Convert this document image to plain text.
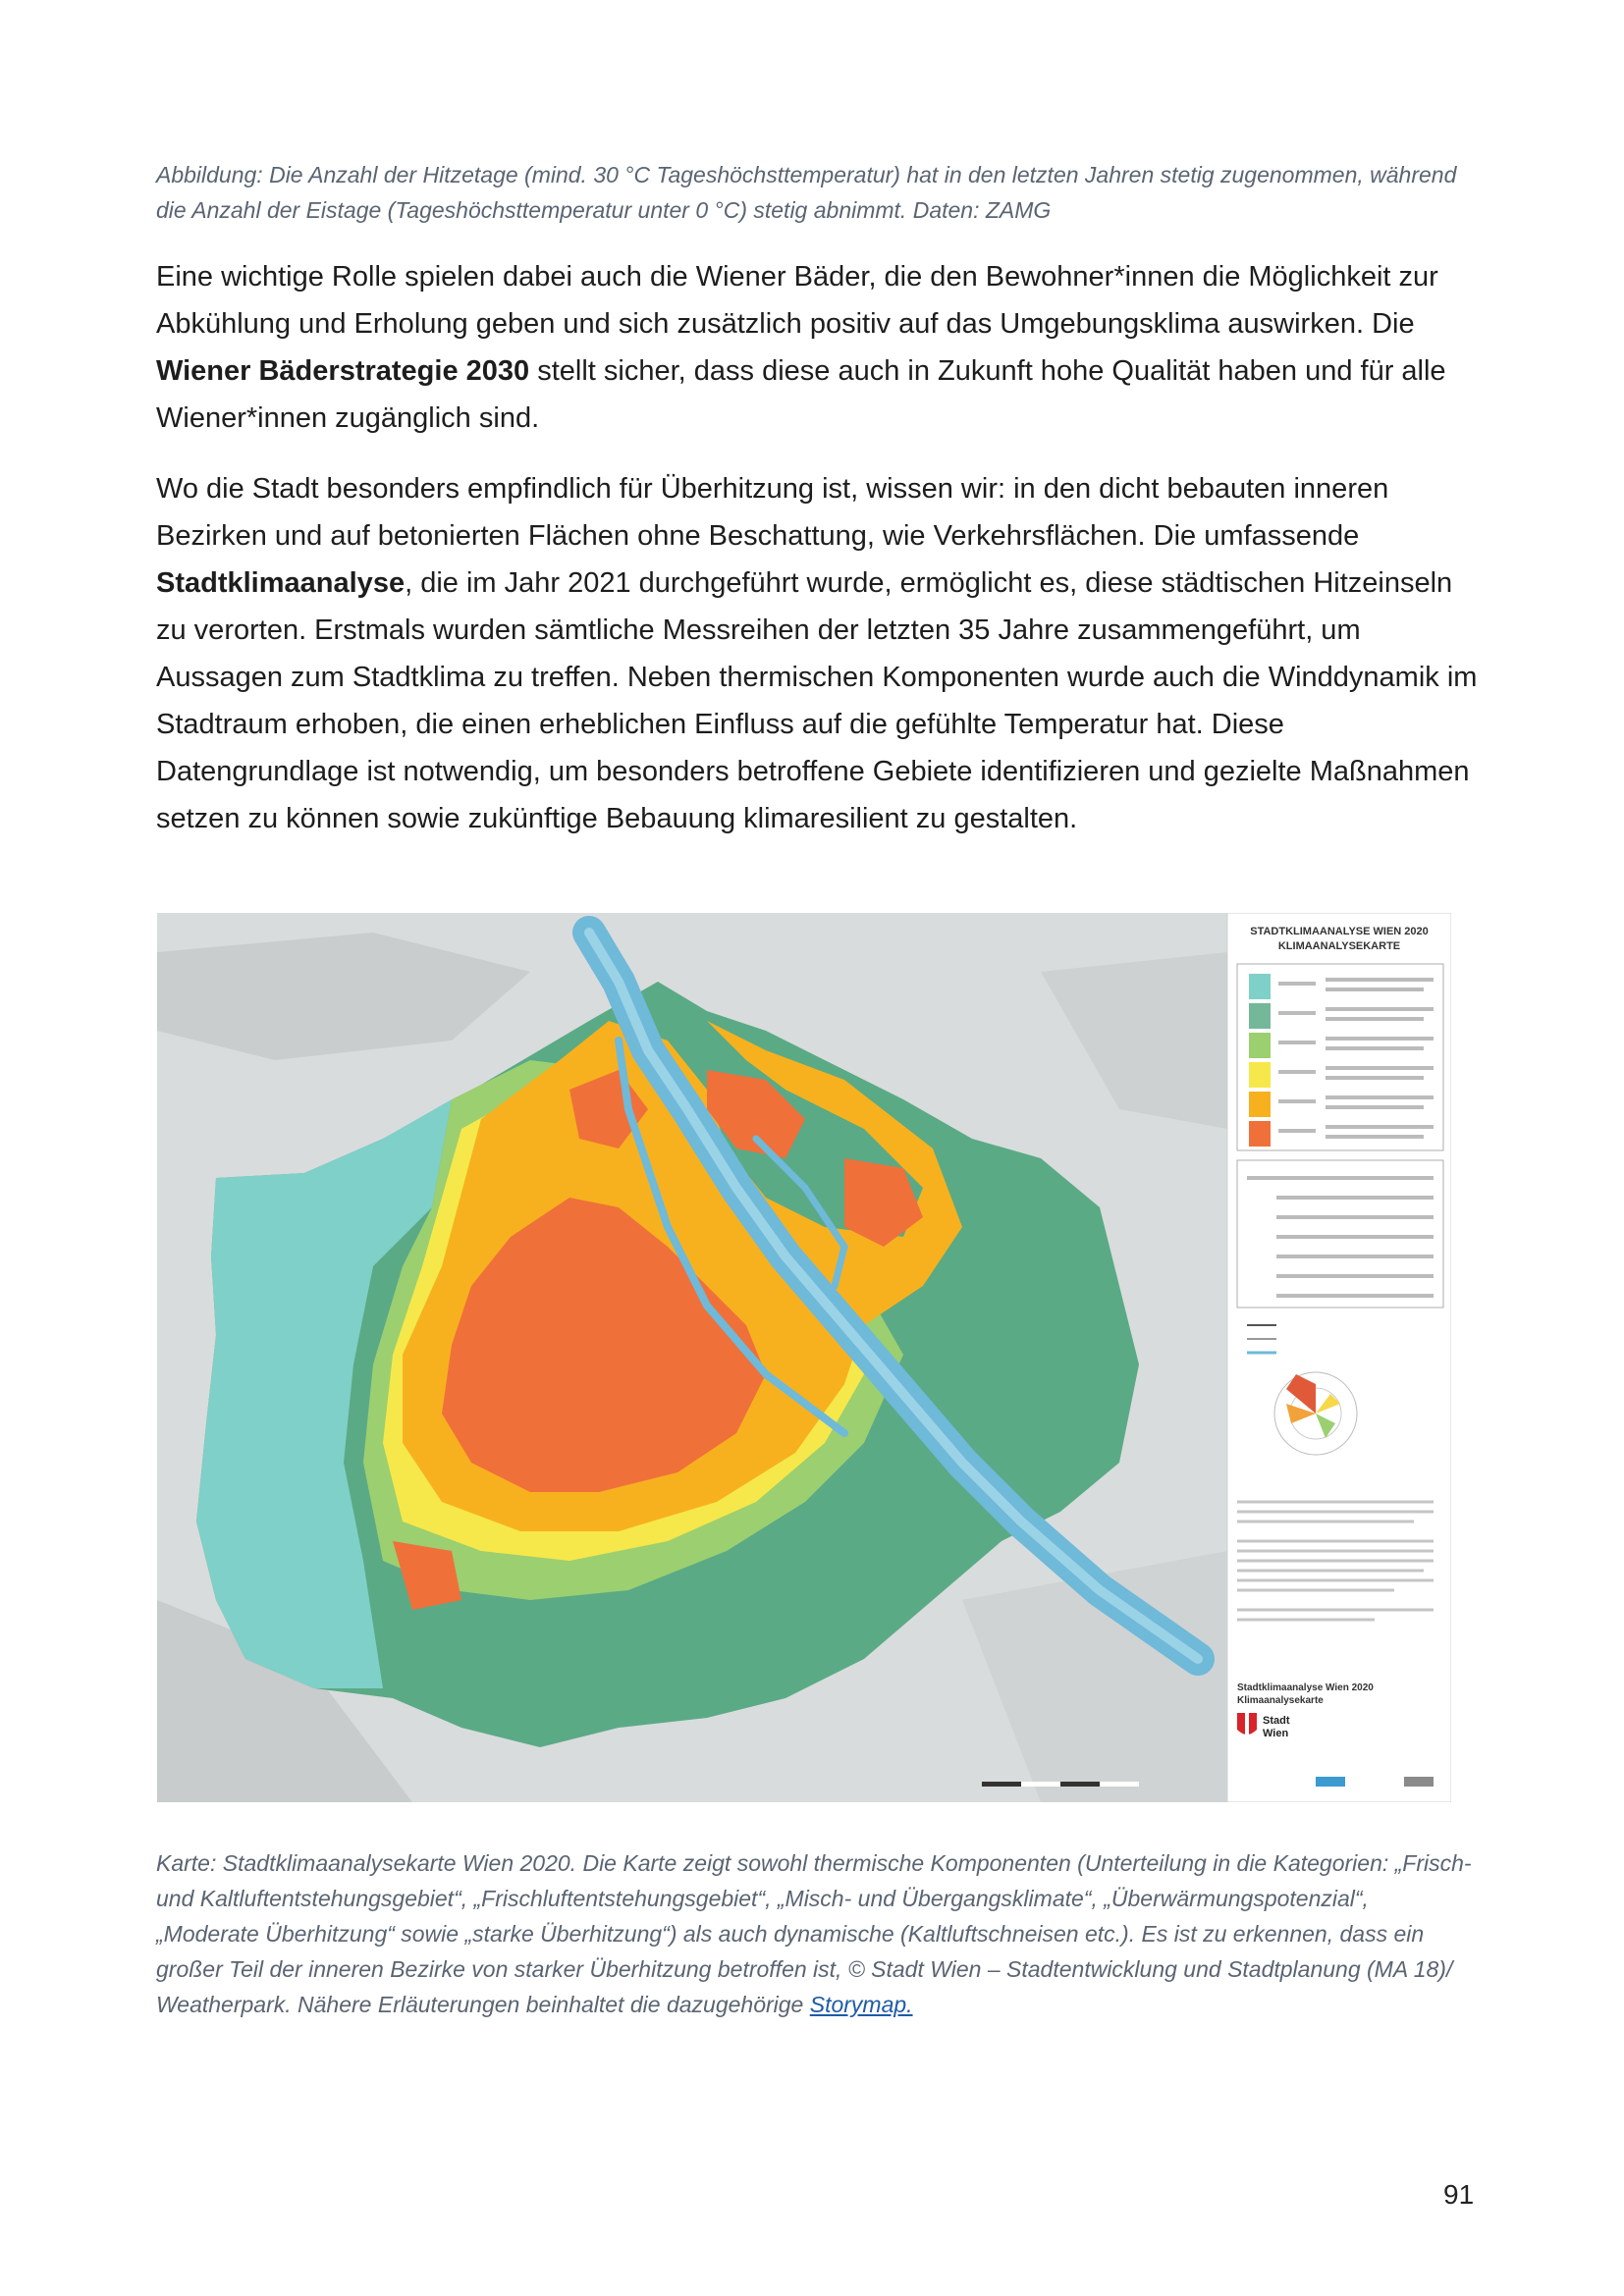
Abbildung: Die Anzahl der Hitzetage (mind. 30 °C Tageshöchsttemperatur) hat in den letzten Jahren stetig zugenommen, während die Anzahl der Eistage (Tageshöchsttemperatur unter 0 °C) stetig abnimmt. Daten: ZAMG
Eine wichtige Rolle spielen dabei auch die Wiener Bäder, die den Bewohner*innen die Möglichkeit zur Abkühlung und Erholung geben und sich zusätzlich positiv auf das Umgebungsklima auswirken. Die Wiener Bäderstrategie 2030 stellt sicher, dass diese auch in Zukunft hohe Qualität haben und für alle Wiener*innen zugänglich sind.
Wo die Stadt besonders empfindlich für Überhitzung ist, wissen wir: in den dicht bebauten inneren Bezirken und auf betonierten Flächen ohne Beschattung, wie Verkehrsflächen. Die umfassende Stadtklimaanalyse, die im Jahr 2021 durchgeführt wurde, ermöglicht es, diese städtischen Hitzeinseln zu verorten. Erstmals wurden sämtliche Messreihen der letzten 35 Jahre zusammengeführt, um Aussagen zum Stadtklima zu treffen. Neben thermischen Komponenten wurde auch die Winddynamik im Stadtraum erhoben, die einen erheblichen Einfluss auf die gefühlte Temperatur hat. Diese Datengrundlage ist notwendig, um besonders betroffene Gebiete identifizieren und gezielte Maßnahmen setzen zu können sowie zukünftige Bebauung klimaresilient zu gestalten.
STADTKLIMAANALYSE WIEN 2020
KLIMAANALYSEKARTE
Stadtklimaanalyse Wien 2020
Klimaanalysekarte
Stadt
Wien
Karte: Stadtklimaanalysekarte Wien 2020. Die Karte zeigt sowohl thermische Komponenten (Unterteilung in die Kategorien: „Frisch- und Kaltluftentstehungsgebiet“, „Frischluftentstehungsgebiet“, „Misch- und Übergangsklimate“, „Überwärmungspotenzial“, „Moderate Überhitzung“ sowie „starke Überhitzung“) als auch dynamische (Kaltluftschneisen etc.). Es ist zu erkennen, dass ein großer Teil der inneren Bezirke von starker Überhitzung betroffen ist, © Stadt Wien – Stadtentwicklung und Stadtplanung (MA 18)/ Weatherpark. Nähere Erläuterungen beinhaltet die dazugehörige Storymap.
91
